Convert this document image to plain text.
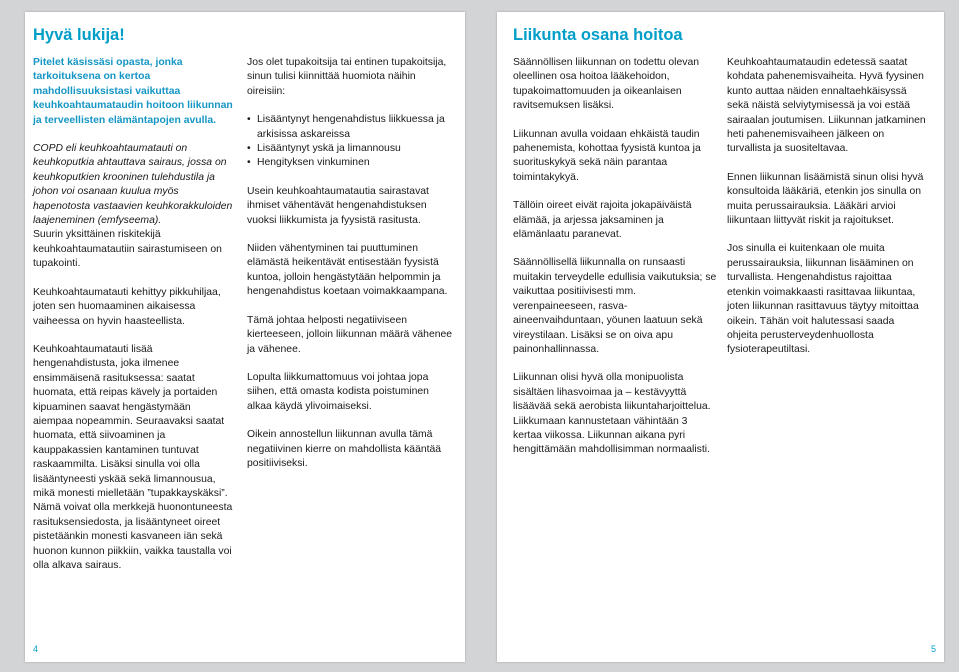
Hyvä lukija!

Pitelet käsissäsi opasta, jonka tarkoituksena on kertoa mahdollisuuksistasi vaikuttaa keuhkoahtaumataudin hoitoon liikunnan ja terveellisten elämäntapojen avulla.

COPD eli keuhkoahtaumatauti on keuhkoputkia ahtauttava sairaus, jossa on keuhkoputkien krooninen tulehdustila ja johon voi osanaan kuulua myös hapenotosta vastaavien keuhkorakkuloiden laajeneminen (emfyseema).

Suurin yksittäinen riskitekijä keuhkoahtaumatautiin sairastumiseen on tupakointi.

Keuhkoahtaumatauti kehittyy pikkuhiljaa, joten sen huomaaminen aikaisessa vaiheessa on hyvin haasteellista.

Keuhkoahtaumatauti lisää hengenahdistusta, joka ilmenee ensimmäisenä rasituksessa: saatat huomata, että reipas kävely ja portaiden kipuaminen saavat hengästymään aiempaa nopeammin. Seuraavaksi saatat huomata, että siivoaminen ja kauppakassien kantaminen tuntuvat raskaammilta. Lisäksi sinulla voi olla lisääntyneesti yskää sekä limannousua, mikä monesti mielletään ”tupakkayskäksi”. Nämä voivat olla merkkejä huonontuneesta rasituksensiedosta, ja lisääntyneet oireet pistetäänkin monesti kasvaneen iän sekä huonon kunnon piikkiin, vaikka taustalla voi olla alkava sairaus.

Jos olet tupakoitsija tai entinen tupakoitsija, sinun tulisi kiinnittää huomiota näihin oireisiin:

• Lisääntynyt hengenahdistus liikkuessa ja arkisissa askareissa
• Lisääntynyt yskä ja limannousu
• Hengityksen vinkuminen

Usein keuhkoahtaumatautia sairastavat ihmiset vähentävät hengenahdistuksen vuoksi liikkumista ja fyysistä rasitusta.

Niiden vähentyminen tai puuttuminen elämästä heikentävät entisestään fyysistä kuntoa, jolloin hengästytään helpommin ja hengenahdistus koetaan voimakkaampana.

Tämä johtaa helposti negatiiviseen kierteeseen, jolloin liikunnan määrä vähenee ja vähenee.

Lopulta liikkumattomuus voi johtaa jopa siihen, että omasta kodista poistuminen alkaa käydä ylivoimaiseksi.

Oikein annostellun liikunnan avulla tämä negatiivinen kierre on mahdollista kääntää positiiviseksi.

4
Liikunta osana hoitoa

Säännöllisen liikunnan on todettu olevan oleellinen osa hoitoa lääkehoidon, tupakoimattomuuden ja oikeanlaisen ravitsemuksen lisäksi.

Liikunnan avulla voidaan ehkäistä taudin pahenemista, kohottaa fyysistä kuntoa ja suorituskykyä sekä näin parantaa toimintakykyä.

Tällöin oireet eivät rajoita jokapäiväistä elämää, ja arjessa jaksaminen ja elämänlaatu paranevat.

Säännöllisellä liikunnalla on runsaasti muitakin terveydelle edullisia vaikutuksia; se vaikuttaa positiivisesti mm. verenpaineeseen, rasva-aineenvaihduntaan, yöunen laatuun sekä vireystilaan. Lisäksi se on oiva apu painonhallinnassa.

Liikunnan olisi hyvä olla monipuolista sisältäen lihasvoimaa ja – kestävyyttä lisäävää sekä aerobista liikuntaharjoittelua. Liikkumaan kannustetaan vähintään 3 kertaa viikossa. Liikunnan aikana pyri hengittämään mahdollisimman normaalisti.

Keuhkoahtaumataudin edetessä saatat kohdata pahenemisvaiheita. Hyvä fyysinen kunto auttaa näiden ennaltaehkäisyssä sekä näistä selviytymisessä ja voi estää sairaalan joutumisen. Liikunnan jatkaminen heti pahenemisvaiheen jälkeen on turvallista ja suositeltavaa.

Ennen liikunnan lisäämistä sinun olisi hyvä konsultoida lääkäriä, etenkin jos sinulla on muita perussairauksia. Lääkäri arvioi liikuntaan liittyvät riskit ja rajoitukset.

Jos sinulla ei kuitenkaan ole muita perussairauksia, liikunnan lisääminen on turvallista. Hengenahdistus rajoittaa etenkin voimakkaasti rasittavaa liikuntaa, joten liikunnan rasittavuus täytyy mitoittaa oikein. Tähän voit halutessasi saada ohjeita perusterveydenhuollosta fysioterapeutiltasi.

5
